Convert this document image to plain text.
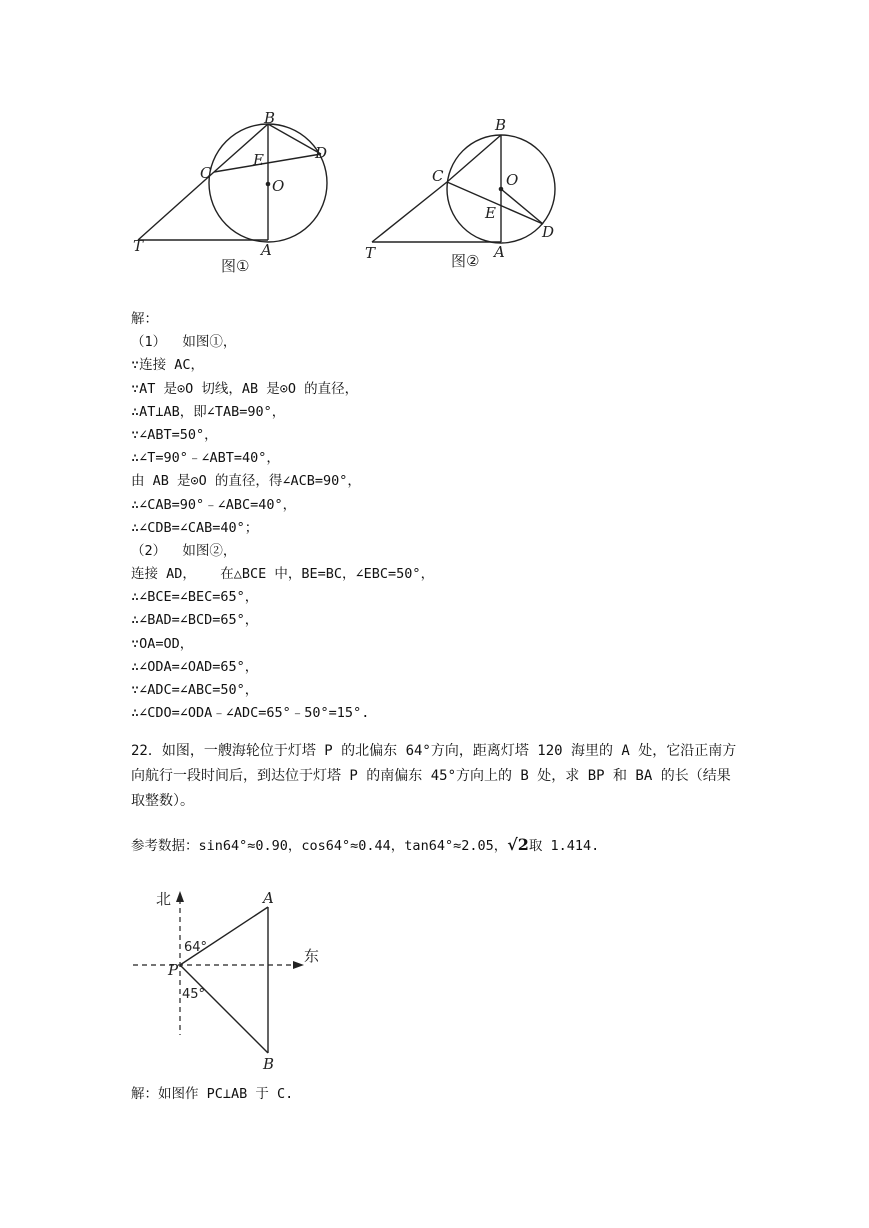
B
D
E
C
O
T	A
图①
B
C	O
E
D
T	A
图②
解：
（1）  如图①，
∵连接 AC，
∵AT 是⊙O 切线，AB 是⊙O 的直径，
∴AT⊥AB，即∠TAB=90°，
∵∠ABT=50°，
∴∠T=90°﹣∠ABT=40°，
由 AB 是⊙O 的直径，得∠ACB=90°，
∴∠CAB=90°﹣∠ABC=40°，
∴∠CDB=∠CAB=40°；
（2）  如图②，
连接 AD，   在△BCE 中，BE=BC，∠EBC=50°，
∴∠BCE=∠BEC=65°，
∴∠BAD=∠BCD=65°，
∵OA=OD，
∴∠ODA=∠OAD=65°，
∵∠ADC=∠ABC=50°，
∴∠CDO=∠ODA﹣∠ADC=65°﹣50°=15°.
22．如图，一艘海轮位于灯塔 P 的北偏东 64°方向，距离灯塔 120 海里的 A 处，它沿正南方向航行一段时间后，到达位于灯塔 P 的南偏东 45°方向上的 B 处，求 BP 和 BA 的长（结果取整数）。
参考数据：sin64°≈0.90，cos64°≈0.44，tan64°≈2.05，√2取 1.414.
北
东
64°
45°
P
A
B
解：如图作 PC⊥AB 于 C.
